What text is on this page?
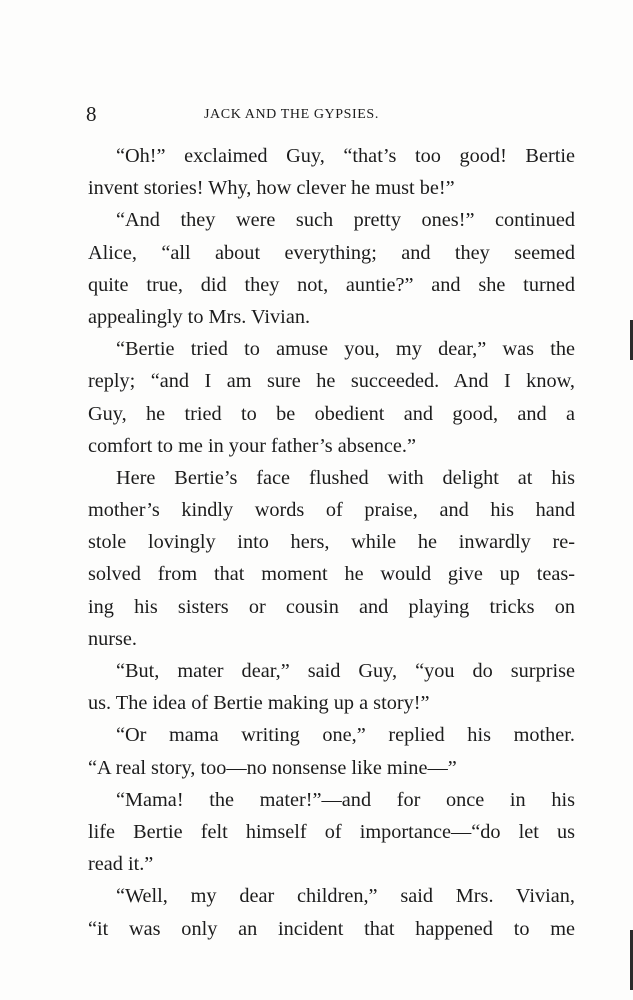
8	JACK AND THE GYPSIES.
“Oh!” exclaimed Guy, “that’s too good! Bertie
invent stories! Why, how clever he must be!”
“And they were such pretty ones!” continued
Alice, “all about everything; and they seemed
quite true, did they not, auntie?” and she turned
appealingly to Mrs. Vivian.
“Bertie tried to amuse you, my dear,” was the
reply; “and I am sure he succeeded. And I know,
Guy, he tried to be obedient and good, and a
comfort to me in your father’s absence.”
Here Bertie’s face flushed with delight at his
mother’s kindly words of praise, and his hand
stole lovingly into hers, while he inwardly re-
solved from that moment he would give up teas-
ing his sisters or cousin and playing tricks on
nurse.
“But, mater dear,” said Guy, “you do surprise
us. The idea of Bertie making up a story!”
“Or mama writing one,” replied his mother.
“A real story, too—no nonsense like mine—”
“Mama! the mater!”—and for once in his
life Bertie felt himself of importance—“do let us
read it.”
“Well, my dear children,” said Mrs. Vivian,
“it was only an incident that happened to me
